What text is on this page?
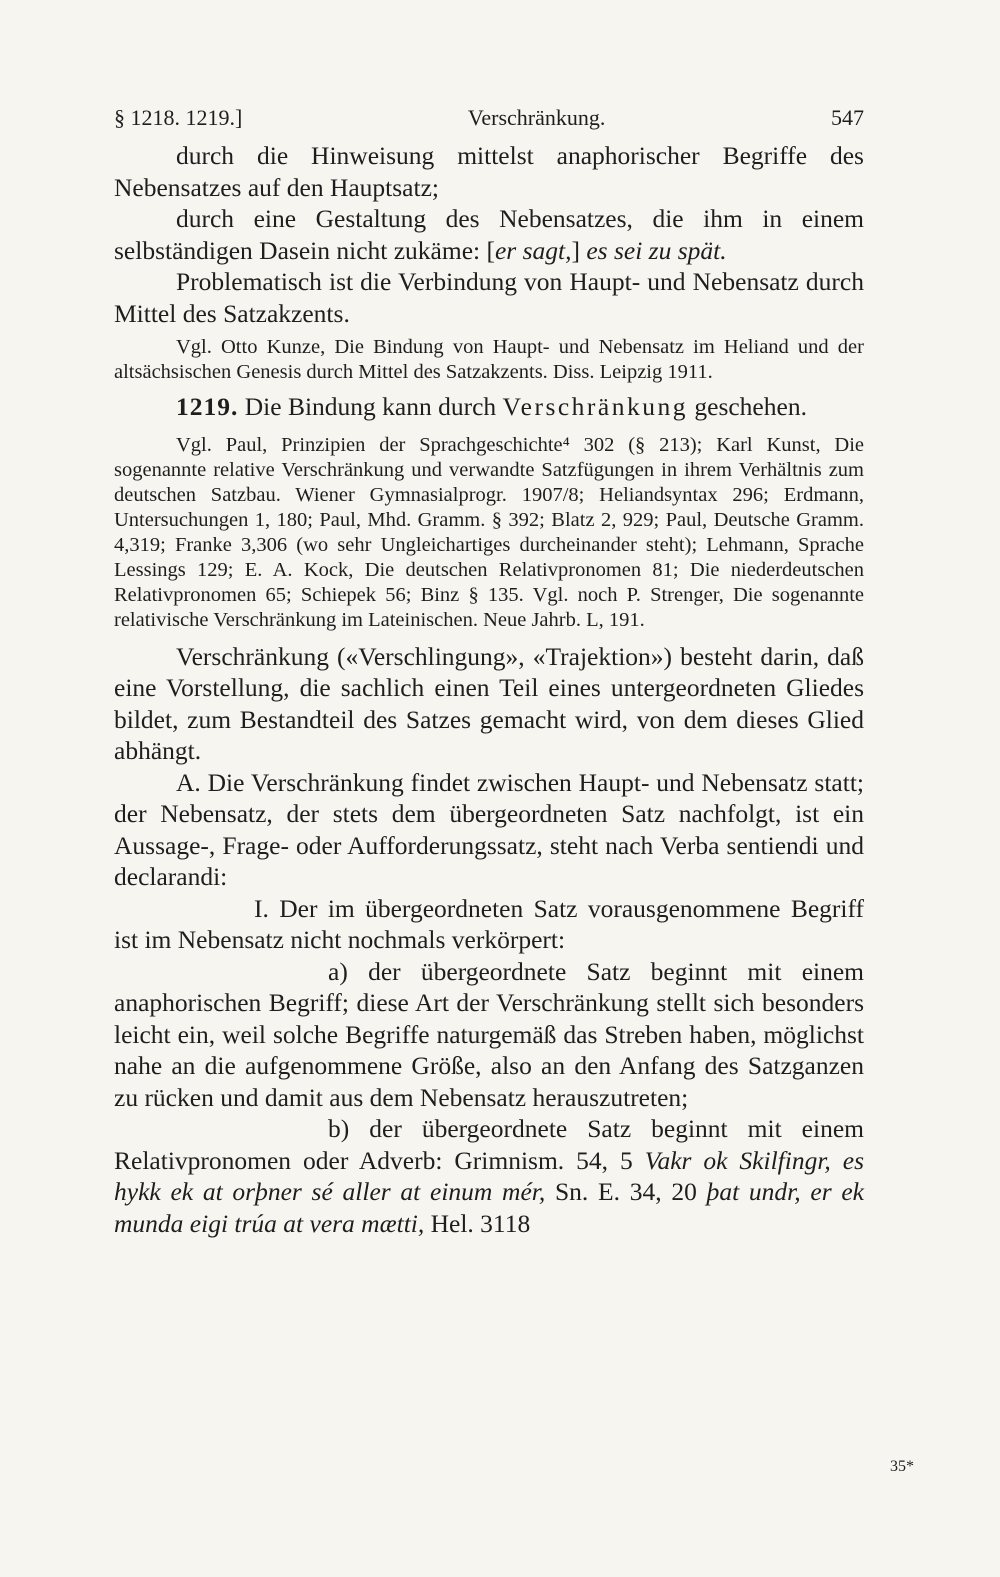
§ 1218. 1219.]	Verschränkung.	547

durch die Hinweisung mittelst anaphorischer Begriffe des Nebensatzes auf den Hauptsatz;

durch eine Gestaltung des Nebensatzes, die ihm in einem selbständigen Dasein nicht zukäme: [er sagt,] es sei zu spät.

Problematisch ist die Verbindung von Haupt- und Nebensatz durch Mittel des Satzakzents.

Vgl. Otto Kunze, Die Bindung von Haupt- und Nebensatz im Heliand und der altsächsischen Genesis durch Mittel des Satzakzents. Diss. Leipzig 1911.

1219. Die Bindung kann durch Verschränkung geschehen.

Vgl. Paul, Prinzipien der Sprachgeschichte⁴ 302 (§ 213); Karl Kunst, Die sogenannte relative Verschränkung und verwandte Satzfügungen in ihrem Verhältnis zum deutschen Satzbau. Wiener Gymnasialprogr. 1907/8; Heliandsyntax 296; Erdmann, Untersuchungen 1, 180; Paul, Mhd. Gramm. § 392; Blatz 2, 929; Paul, Deutsche Gramm. 4,319; Franke 3,306 (wo sehr Ungleichartiges durcheinander steht); Lehmann, Sprache Lessings 129; E. A. Kock, Die deutschen Relativpronomen 81; Die niederdeutschen Relativpronomen 65; Schiepek 56; Binz § 135. Vgl. noch P. Strenger, Die sogenannte relativische Verschränkung im Lateinischen. Neue Jahrb. L, 191.

Verschränkung («Verschlingung», «Trajektion») besteht darin, daß eine Vorstellung, die sachlich einen Teil eines untergeordneten Gliedes bildet, zum Bestandteil des Satzes gemacht wird, von dem dieses Glied abhängt.

A. Die Verschränkung findet zwischen Haupt- und Nebensatz statt; der Nebensatz, der stets dem übergeordneten Satz nachfolgt, ist ein Aussage-, Frage- oder Aufforderungssatz, steht nach Verba sentiendi und declarandi:

I. Der im übergeordneten Satz vorausgenommene Begriff ist im Nebensatz nicht nochmals verkörpert:

a) der übergeordnete Satz beginnt mit einem anaphorischen Begriff; diese Art der Verschränkung stellt sich besonders leicht ein, weil solche Begriffe naturgemäß das Streben haben, möglichst nahe an die aufgenommene Größe, also an den Anfang des Satzganzen zu rücken und damit aus dem Nebensatz herauszutreten;

b) der übergeordnete Satz beginnt mit einem Relativpronomen oder Adverb: Grimnism. 54, 5 Vakr ok Skilfingr, es hykk ek at orþner sé aller at einum mér, Sn. E. 34, 20 þat undr, er ek munda eigi trúa at vera mætti, Hel. 3118

35*
